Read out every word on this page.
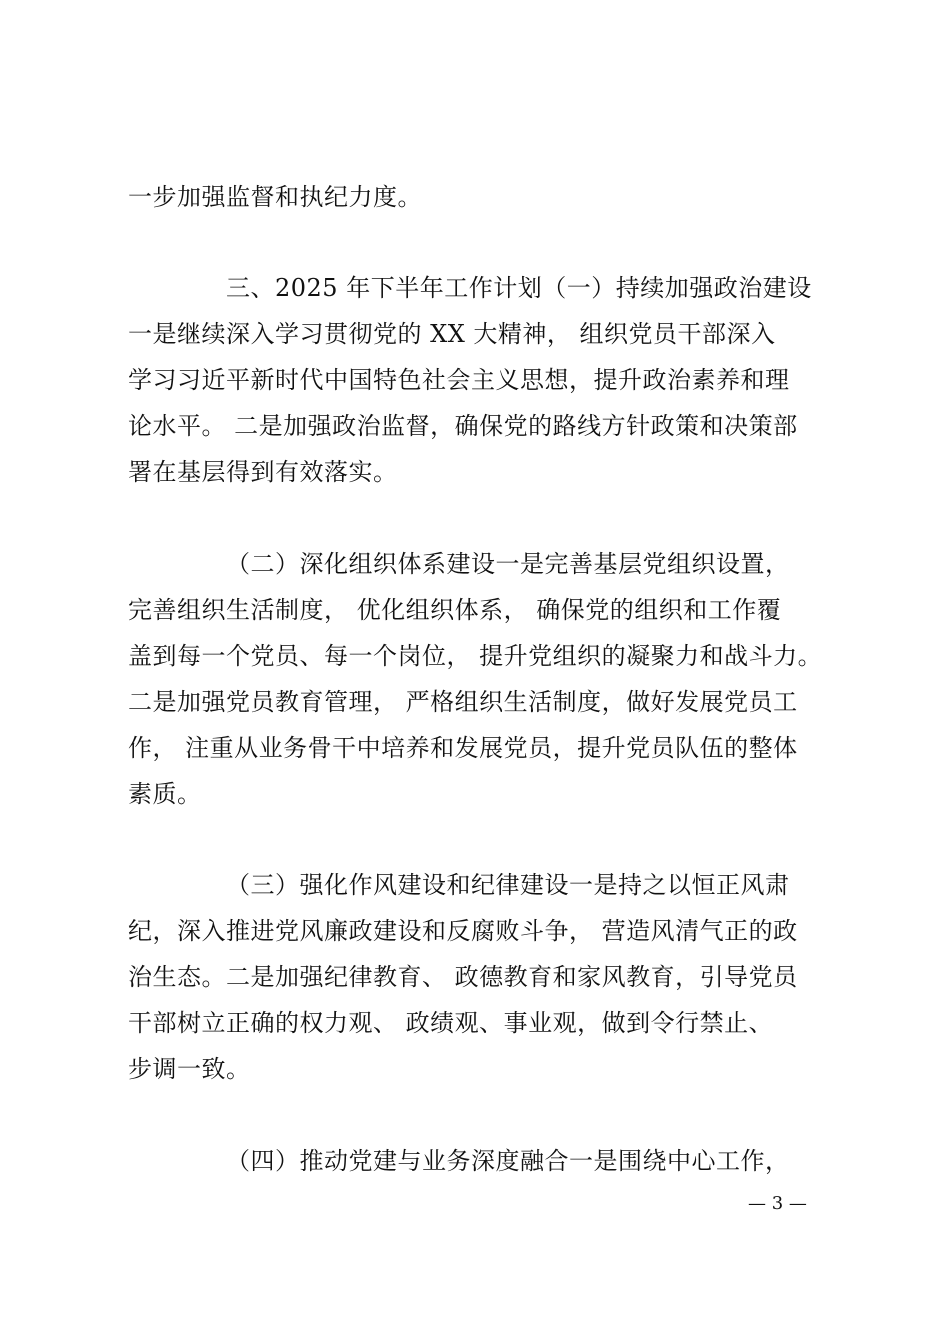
一步加强监督和执纪力度。
三、2025 年下半年工作计划（一）持续加强政治建设
一是继续深入学习贯彻党的 XX 大精神， 组织党员干部深入
学习习近平新时代中国特色社会主义思想，提升政治素养和理
论水平。 二是加强政治监督，确保党的路线方针政策和决策部
署在基层得到有效落实。
（二）深化组织体系建设一是完善基层党组织设置，
完善组织生活制度， 优化组织体系， 确保党的组织和工作覆
盖到每一个党员、每一个岗位， 提升党组织的凝聚力和战斗力。
二是加强党员教育管理， 严格组织生活制度，做好发展党员工
作， 注重从业务骨干中培养和发展党员，提升党员队伍的整体
素质。
（三）强化作风建设和纪律建设一是持之以恒正风肃
纪，深入推进党风廉政建设和反腐败斗争， 营造风清气正的政
治生态。二是加强纪律教育、 政德教育和家风教育，引导党员
干部树立正确的权力观、 政绩观、事业观，做到令行禁止、
步调一致。
（四）推动党建与业务深度融合一是围绕中心工作，
— 3 —
